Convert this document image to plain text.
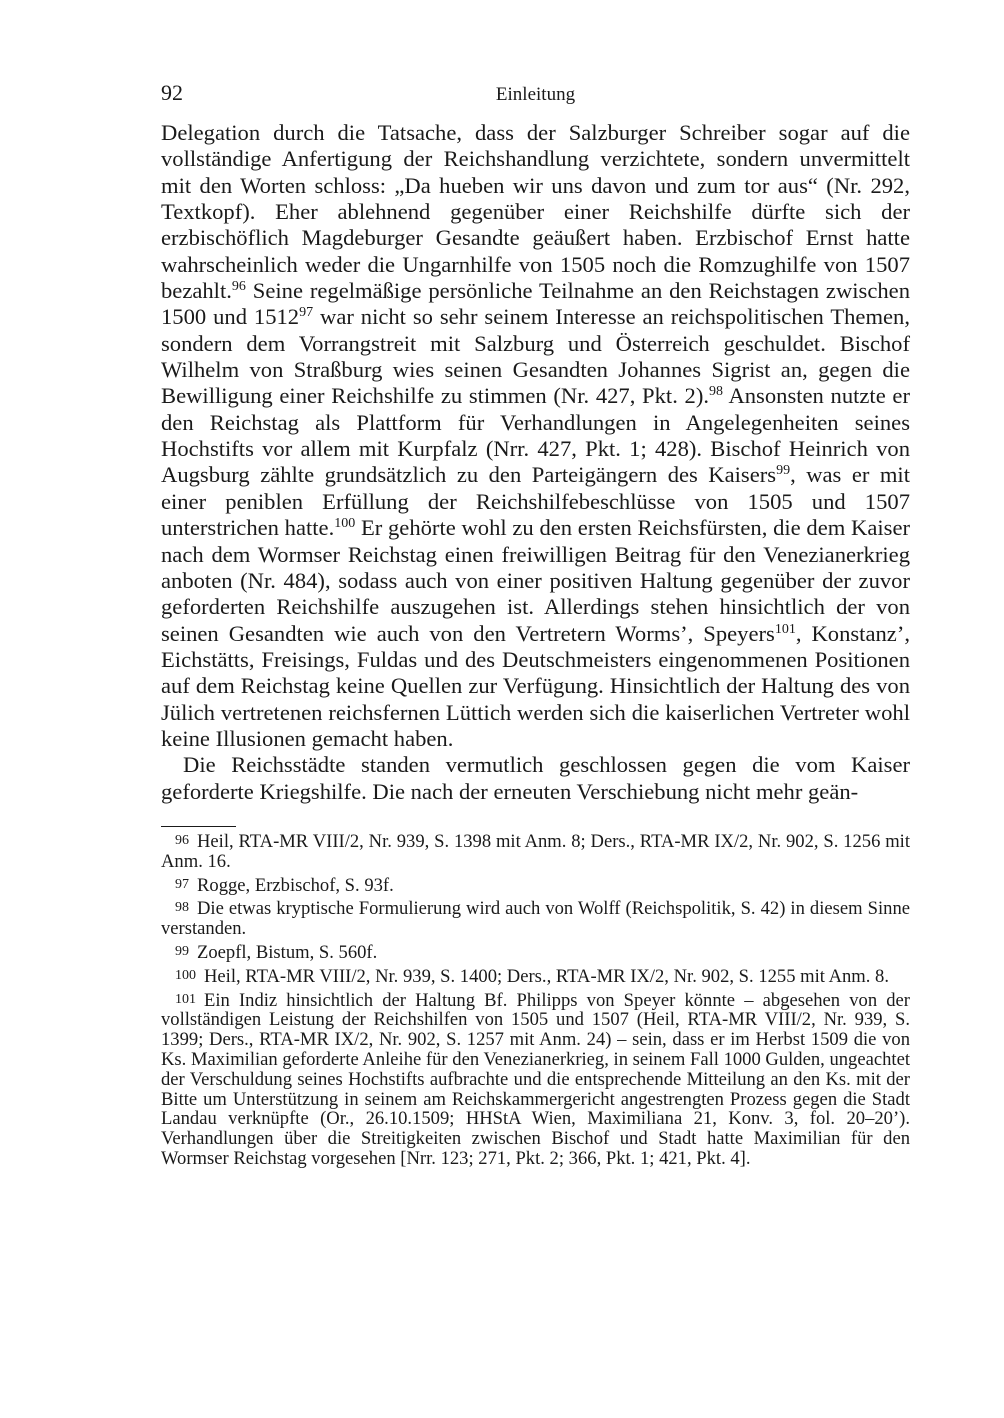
92	Einleitung

Delegation durch die Tatsache, dass der Salzburger Schreiber sogar auf die vollständige Anfertigung der Reichshandlung verzichtete, sondern unvermittelt mit den Worten schloss: „Da hueben wir uns davon und zum tor aus“ (Nr. 292, Textkopf). Eher ablehnend gegenüber einer Reichshilfe dürfte sich der erzbischöflich Magdeburger Gesandte geäußert haben. Erzbischof Ernst hatte wahrscheinlich weder die Ungarnhilfe von 1505 noch die Romzughilfe von 1507 bezahlt.$^{96}$ Seine regelmäßige persönliche Teilnahme an den Reichstagen zwischen 1500 und 1512$^{97}$ war nicht so sehr seinem Interesse an reichspolitischen Themen, sondern dem Vorrangstreit mit Salzburg und Österreich geschuldet. Bischof Wilhelm von Straßburg wies seinen Gesandten Johannes Sigrist an, gegen die Bewilligung einer Reichshilfe zu stimmen (Nr. 427, Pkt. 2).$^{98}$ Ansonsten nutzte er den Reichstag als Plattform für Verhandlungen in Angelegenheiten seines Hochstifts vor allem mit Kurpfalz (Nrr. 427, Pkt. 1; 428). Bischof Heinrich von Augsburg zählte grundsätzlich zu den Parteigängern des Kaisers$^{99}$, was er mit einer peniblen Erfüllung der Reichshilfebeschlüsse von 1505 und 1507 unterstrichen hatte.$^{100}$ Er gehörte wohl zu den ersten Reichsfürsten, die dem Kaiser nach dem Wormser Reichstag einen freiwilligen Beitrag für den Venezianerkrieg anboten (Nr. 484), sodass auch von einer positiven Haltung gegenüber der zuvor geforderten Reichshilfe auszugehen ist. Allerdings stehen hinsichtlich der von seinen Gesandten wie auch von den Vertretern Worms’, Speyers$^{101}$, Konstanz’, Eichstätts, Freisings, Fuldas und des Deutschmeisters eingenommenen Positionen auf dem Reichstag keine Quellen zur Verfügung. Hinsichtlich der Haltung des von Jülich vertretenen reichsfernen Lüttich werden sich die kaiserlichen Vertreter wohl keine Illusionen gemacht haben.

Die Reichsstädte standen vermutlich geschlossen gegen die vom Kaiser geforderte Kriegshilfe. Die nach der erneuten Verschiebung nicht mehr geän-

96 Heil, RTA-MR VIII/2, Nr. 939, S. 1398 mit Anm. 8; Ders., RTA-MR IX/2, Nr. 902, S. 1256 mit Anm. 16.

97 Rogge, Erzbischof, S. 93f.

98 Die etwas kryptische Formulierung wird auch von Wolff (Reichspolitik, S. 42) in diesem Sinne verstanden.

99 Zoepfl, Bistum, S. 560f.

100 Heil, RTA-MR VIII/2, Nr. 939, S. 1400; Ders., RTA-MR IX/2, Nr. 902, S. 1255 mit Anm. 8.

101 Ein Indiz hinsichtlich der Haltung Bf. Philipps von Speyer könnte – abgesehen von der vollständigen Leistung der Reichshilfen von 1505 und 1507 (Heil, RTA-MR VIII/2, Nr. 939, S. 1399; Ders., RTA-MR IX/2, Nr. 902, S. 1257 mit Anm. 24) – sein, dass er im Herbst 1509 die von Ks. Maximilian geforderte Anleihe für den Venezianerkrieg, in seinem Fall 1000 Gulden, ungeachtet der Verschuldung seines Hochstifts aufbrachte und die entsprechende Mitteilung an den Ks. mit der Bitte um Unterstützung in seinem am Reichskammergericht angestrengten Prozess gegen die Stadt Landau verknüpfte (Or., 26.10.1509; HHStA Wien, Maximiliana 21, Konv. 3, fol. 20–20’). Verhandlungen über die Streitigkeiten zwischen Bischof und Stadt hatte Maximilian für den Wormser Reichstag vorgesehen [Nrr. 123; 271, Pkt. 2; 366, Pkt. 1; 421, Pkt. 4].
